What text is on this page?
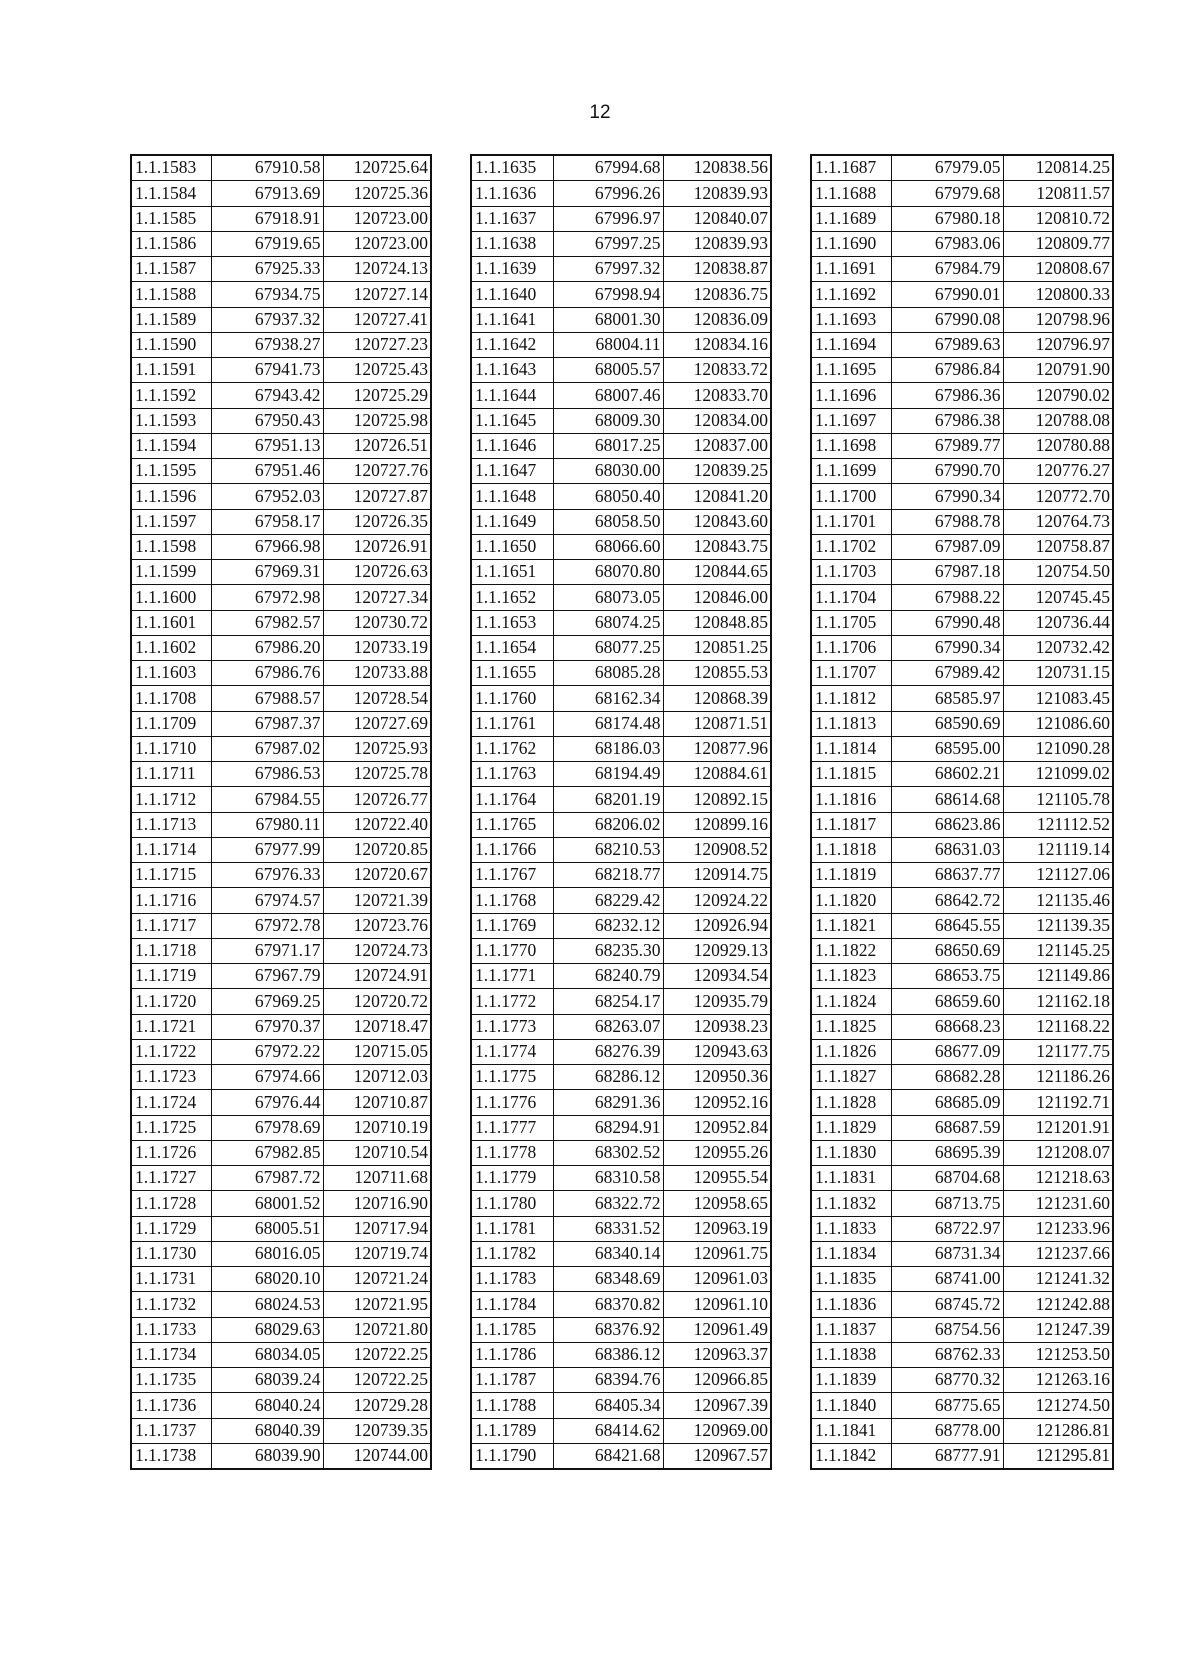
12
1.1.1583	67910.58	120725.64
1.1.1584	67913.69	120725.36
1.1.1585	67918.91	120723.00
1.1.1586	67919.65	120723.00
1.1.1587	67925.33	120724.13
1.1.1588	67934.75	120727.14
1.1.1589	67937.32	120727.41
1.1.1590	67938.27	120727.23
1.1.1591	67941.73	120725.43
1.1.1592	67943.42	120725.29
1.1.1593	67950.43	120725.98
1.1.1594	67951.13	120726.51
1.1.1595	67951.46	120727.76
1.1.1596	67952.03	120727.87
1.1.1597	67958.17	120726.35
1.1.1598	67966.98	120726.91
1.1.1599	67969.31	120726.63
1.1.1600	67972.98	120727.34
1.1.1601	67982.57	120730.72
1.1.1602	67986.20	120733.19
1.1.1603	67986.76	120733.88
1.1.1708	67988.57	120728.54
1.1.1709	67987.37	120727.69
1.1.1710	67987.02	120725.93
1.1.1711	67986.53	120725.78
1.1.1712	67984.55	120726.77
1.1.1713	67980.11	120722.40
1.1.1714	67977.99	120720.85
1.1.1715	67976.33	120720.67
1.1.1716	67974.57	120721.39
1.1.1717	67972.78	120723.76
1.1.1718	67971.17	120724.73
1.1.1719	67967.79	120724.91
1.1.1720	67969.25	120720.72
1.1.1721	67970.37	120718.47
1.1.1722	67972.22	120715.05
1.1.1723	67974.66	120712.03
1.1.1724	67976.44	120710.87
1.1.1725	67978.69	120710.19
1.1.1726	67982.85	120710.54
1.1.1727	67987.72	120711.68
1.1.1728	68001.52	120716.90
1.1.1729	68005.51	120717.94
1.1.1730	68016.05	120719.74
1.1.1731	68020.10	120721.24
1.1.1732	68024.53	120721.95
1.1.1733	68029.63	120721.80
1.1.1734	68034.05	120722.25
1.1.1735	68039.24	120722.25
1.1.1736	68040.24	120729.28
1.1.1737	68040.39	120739.35
1.1.1738	68039.90	120744.00
1.1.1635	67994.68	120838.56
1.1.1636	67996.26	120839.93
1.1.1637	67996.97	120840.07
1.1.1638	67997.25	120839.93
1.1.1639	67997.32	120838.87
1.1.1640	67998.94	120836.75
1.1.1641	68001.30	120836.09
1.1.1642	68004.11	120834.16
1.1.1643	68005.57	120833.72
1.1.1644	68007.46	120833.70
1.1.1645	68009.30	120834.00
1.1.1646	68017.25	120837.00
1.1.1647	68030.00	120839.25
1.1.1648	68050.40	120841.20
1.1.1649	68058.50	120843.60
1.1.1650	68066.60	120843.75
1.1.1651	68070.80	120844.65
1.1.1652	68073.05	120846.00
1.1.1653	68074.25	120848.85
1.1.1654	68077.25	120851.25
1.1.1655	68085.28	120855.53
1.1.1760	68162.34	120868.39
1.1.1761	68174.48	120871.51
1.1.1762	68186.03	120877.96
1.1.1763	68194.49	120884.61
1.1.1764	68201.19	120892.15
1.1.1765	68206.02	120899.16
1.1.1766	68210.53	120908.52
1.1.1767	68218.77	120914.75
1.1.1768	68229.42	120924.22
1.1.1769	68232.12	120926.94
1.1.1770	68235.30	120929.13
1.1.1771	68240.79	120934.54
1.1.1772	68254.17	120935.79
1.1.1773	68263.07	120938.23
1.1.1774	68276.39	120943.63
1.1.1775	68286.12	120950.36
1.1.1776	68291.36	120952.16
1.1.1777	68294.91	120952.84
1.1.1778	68302.52	120955.26
1.1.1779	68310.58	120955.54
1.1.1780	68322.72	120958.65
1.1.1781	68331.52	120963.19
1.1.1782	68340.14	120961.75
1.1.1783	68348.69	120961.03
1.1.1784	68370.82	120961.10
1.1.1785	68376.92	120961.49
1.1.1786	68386.12	120963.37
1.1.1787	68394.76	120966.85
1.1.1788	68405.34	120967.39
1.1.1789	68414.62	120969.00
1.1.1790	68421.68	120967.57
1.1.1687	67979.05	120814.25
1.1.1688	67979.68	120811.57
1.1.1689	67980.18	120810.72
1.1.1690	67983.06	120809.77
1.1.1691	67984.79	120808.67
1.1.1692	67990.01	120800.33
1.1.1693	67990.08	120798.96
1.1.1694	67989.63	120796.97
1.1.1695	67986.84	120791.90
1.1.1696	67986.36	120790.02
1.1.1697	67986.38	120788.08
1.1.1698	67989.77	120780.88
1.1.1699	67990.70	120776.27
1.1.1700	67990.34	120772.70
1.1.1701	67988.78	120764.73
1.1.1702	67987.09	120758.87
1.1.1703	67987.18	120754.50
1.1.1704	67988.22	120745.45
1.1.1705	67990.48	120736.44
1.1.1706	67990.34	120732.42
1.1.1707	67989.42	120731.15
1.1.1812	68585.97	121083.45
1.1.1813	68590.69	121086.60
1.1.1814	68595.00	121090.28
1.1.1815	68602.21	121099.02
1.1.1816	68614.68	121105.78
1.1.1817	68623.86	121112.52
1.1.1818	68631.03	121119.14
1.1.1819	68637.77	121127.06
1.1.1820	68642.72	121135.46
1.1.1821	68645.55	121139.35
1.1.1822	68650.69	121145.25
1.1.1823	68653.75	121149.86
1.1.1824	68659.60	121162.18
1.1.1825	68668.23	121168.22
1.1.1826	68677.09	121177.75
1.1.1827	68682.28	121186.26
1.1.1828	68685.09	121192.71
1.1.1829	68687.59	121201.91
1.1.1830	68695.39	121208.07
1.1.1831	68704.68	121218.63
1.1.1832	68713.75	121231.60
1.1.1833	68722.97	121233.96
1.1.1834	68731.34	121237.66
1.1.1835	68741.00	121241.32
1.1.1836	68745.72	121242.88
1.1.1837	68754.56	121247.39
1.1.1838	68762.33	121253.50
1.1.1839	68770.32	121263.16
1.1.1840	68775.65	121274.50
1.1.1841	68778.00	121286.81
1.1.1842	68777.91	121295.81
